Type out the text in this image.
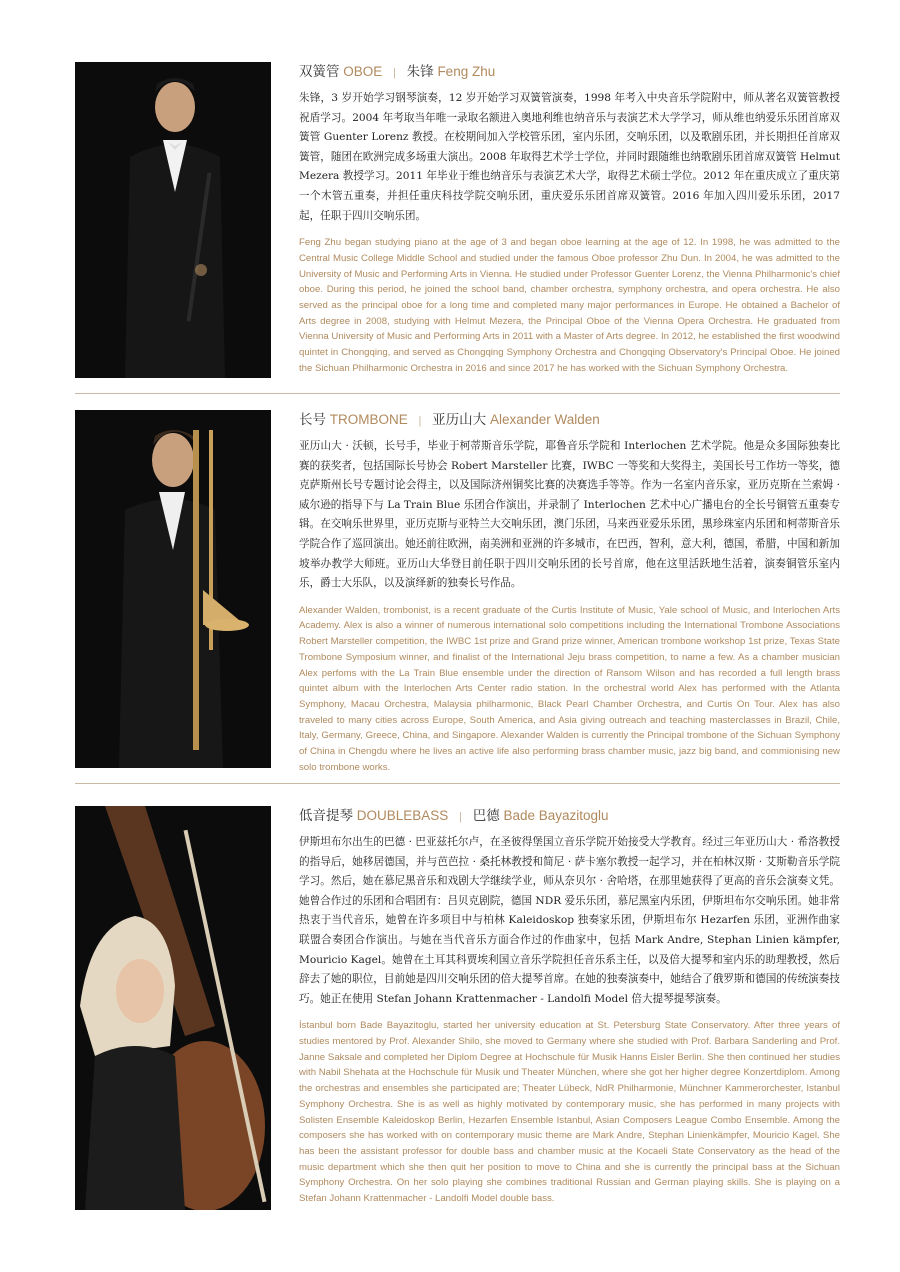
双簧管 OBOE | 朱锋 Feng Zhu
朱锋，3 岁开始学习钢琴演奏，12 岁开始学习双簧管演奏，1998 年考入中央音乐学院附中，师从著名双簧管教授祝盾学习。2004 年考取当年唯一录取名额进入奥地利维也纳音乐与表演艺术大学学习，师从维也纳爱乐乐团首席双簧管 Guenter Lorenz 教授。在校期间加入学校管乐团，室内乐团，交响乐团，以及歌剧乐团，并长期担任首席双簧管，随团在欧洲完成多场重大演出。2008 年取得艺术学士学位，并同时跟随维也纳歌剧乐团首席双簧管 Helmut Mezera 教授学习。2011 年毕业于维也纳音乐与表演艺术大学，取得艺术硕士学位。2012 年在重庆成立了重庆第一个木管五重奏，并担任重庆科技学院交响乐团，重庆爱乐乐团首席双簧管。2016 年加入四川爱乐乐团，2017 起，任职于四川交响乐团。
Feng Zhu began studying piano at the age of 3 and began oboe learning at the age of 12. In 1998, he was admitted to the Central Music College Middle School and studied under the famous Oboe professor Zhu Dun. In 2004, he was admitted to the University of Music and Performing Arts in Vienna. He studied under Professor Guenter Lorenz, the Vienna Philharmonic's chief oboe. During this period, he joined the school band, chamber orchestra, symphony orchestra, and opera orchestra. He also served as the principal oboe for a long time and completed many major performances in Europe. He obtained a Bachelor of Arts degree in 2008, studying with Helmut Mezera, the Principal Oboe of the Vienna Opera Orchestra. He graduated from Vienna University of Music and Performing Arts in 2011 with a Master of Arts degree. In 2012, he established the first woodwind quintet in Chongqing, and served as Chongqing Symphony Orchestra and Chongqing Observatory's Principal Oboe. He joined the Sichuan Philharmonic Orchestra in 2016 and since 2017 he has worked with the Sichuan Symphony Orchestra.
长号 TROMBONE | 亚历山大 Alexander Walden
亚历山大 · 沃顿，长号手，毕业于柯蒂斯音乐学院，耶鲁音乐学院和 Interlochen 艺术学院。他是众多国际独奏比赛的获奖者，包括国际长号协会 Robert Marsteller 比赛，IWBC 一等奖和大奖得主，美国长号工作坊一等奖，德克萨斯州长号专题讨论会得主，以及国际济州铜奖比赛的决赛选手等等。作为一名室内音乐家，亚历克斯在兰索姆 · 威尔逊的指导下与 La Train Blue 乐团合作演出，并录制了 Interlochen 艺术中心广播电台的全长号铜管五重奏专辑。在交响乐世界里，亚历克斯与亚特兰大交响乐团，澳门乐团，马来西亚爱乐乐团，黑珍珠室内乐团和柯蒂斯音乐学院合作了巡回演出。她还前往欧洲，南美洲和亚洲的许多城市，在巴西，智利，意大利，德国，希腊，中国和新加坡举办教学大师班。亚历山大华登目前任职于四川交响乐团的长号首席，他在这里活跃地生活着，演奏铜管乐室内乐，爵士大乐队，以及演绎新的独奏长号作品。
Alexander Walden, trombonist, is a recent graduate of the Curtis Institute of Music, Yale school of Music, and Interlochen Arts Academy. Alex is also a winner of numerous international solo competitions including the International Trombone Associations Robert Marsteller competition, the IWBC 1st prize and Grand prize winner, American trombone workshop 1st prize, Texas State Trombone Symposium winner, and finalist of the International Jeju brass competition, to name a few. As a chamber musician Alex perfoms with the La Train Blue ensemble under the direction of Ransom Wilson and has recorded a full length brass quintet album with the Interlochen Arts Center radio station. In the orchestral world Alex has performed with the Atlanta Symphony, Macau Orchestra, Malaysia philharmonic, Black Pearl Chamber Orchestra, and Curtis On Tour. Alex has also traveled to many cities across Europe, South America, and Asia giving outreach and teaching masterclasses in Brazil, Chile, Italy, Germany, Greece, China, and Singapore. Alexander Walden is currently the Principal trombone of the Sichuan Symphony of China in Chengdu where he lives an active life also performing brass chamber music, jazz big band, and commionising new solo trombone works.
低音提琴 DOUBLEBASS | 巴德 Bade Bayazitoglu
伊斯坦布尔出生的巴德 · 巴亚兹托尔卢，在圣彼得堡国立音乐学院开始接受大学教育。经过三年亚历山大 · 希洛教授的指导后，她移居德国，并与芭芭拉 · 桑托林教授和简尼 · 萨卡塞尔教授一起学习，并在柏林汉斯 · 艾斯勒音乐学院学习。然后，她在慕尼黑音乐和戏剧大学继续学业，师从奈贝尔 · 舍哈塔，在那里她获得了更高的音乐会演奏文凭。她曾合作过的乐团和合唱团有：吕贝克剧院，德国 NDR 爱乐乐团，慕尼黑室内乐团，伊斯坦布尔交响乐团。她非常热衷于当代音乐，她曾在许多项目中与柏林 Kaleidoskop 独奏家乐团，伊斯坦布尔 Hezarfen 乐团，亚洲作曲家联盟合奏团合作演出。与她在当代音乐方面合作过的作曲家中，包括 Mark Andre, Stephan Linien kämpfer, Mouricio Kagel。她曾在土耳其科贾埃利国立音乐学院担任音乐系主任，以及倍大提琴和室内乐的助理教授，然后辞去了她的职位，目前她是四川交响乐团的倍大提琴首席。在她的独奏演奏中，她结合了俄罗斯和德国的传统演奏技巧。她正在使用 Stefan Johann Krattenmacher - Landolfi Model 倍大提琴提琴演奏。
İstanbul born Bade Bayazitoglu, started her university education at St. Petersburg State Conservatory. After three years of studies mentored by Prof. Alexander Shilo, she moved to Germany where she studied with Prof. Barbara Sanderling and Prof. Janne Saksale and completed her Diplom Degree at Hochschule für Musik Hanns Eisler Berlin. She then continued her studies with Nabil Shehata at the Hochschule für Musik und Theater München, where she got her higher degree Konzertdiplom. Among the orchestras and ensembles she participated are; Theater Lübeck, NdR Philharmonie, Münchner Kammerorchester, Istanbul Symphony Orchestra. She is as well as highly motivated by contemporary music, she has performed in many projects with Solisten Ensemble Kaleidoskop Berlin, Hezarfen Ensemble Istanbul, Asian Composers League Combo Ensemble. Among the composers she has worked with on contemporary music theme are Mark Andre, Stephan Linienkämpfer, Mouricio Kagel. She has been the assistant professor for double bass and chamber music at the Kocaeli State Conservatory as the head of the music department which she then quit her position to move to China and she is currently the principal bass at the Sichuan Symphony Orchestra. On her solo playing she combines traditional Russian and German playing skills. She is playing on a Stefan Johann Krattenmacher - Landolfi Model double bass.
